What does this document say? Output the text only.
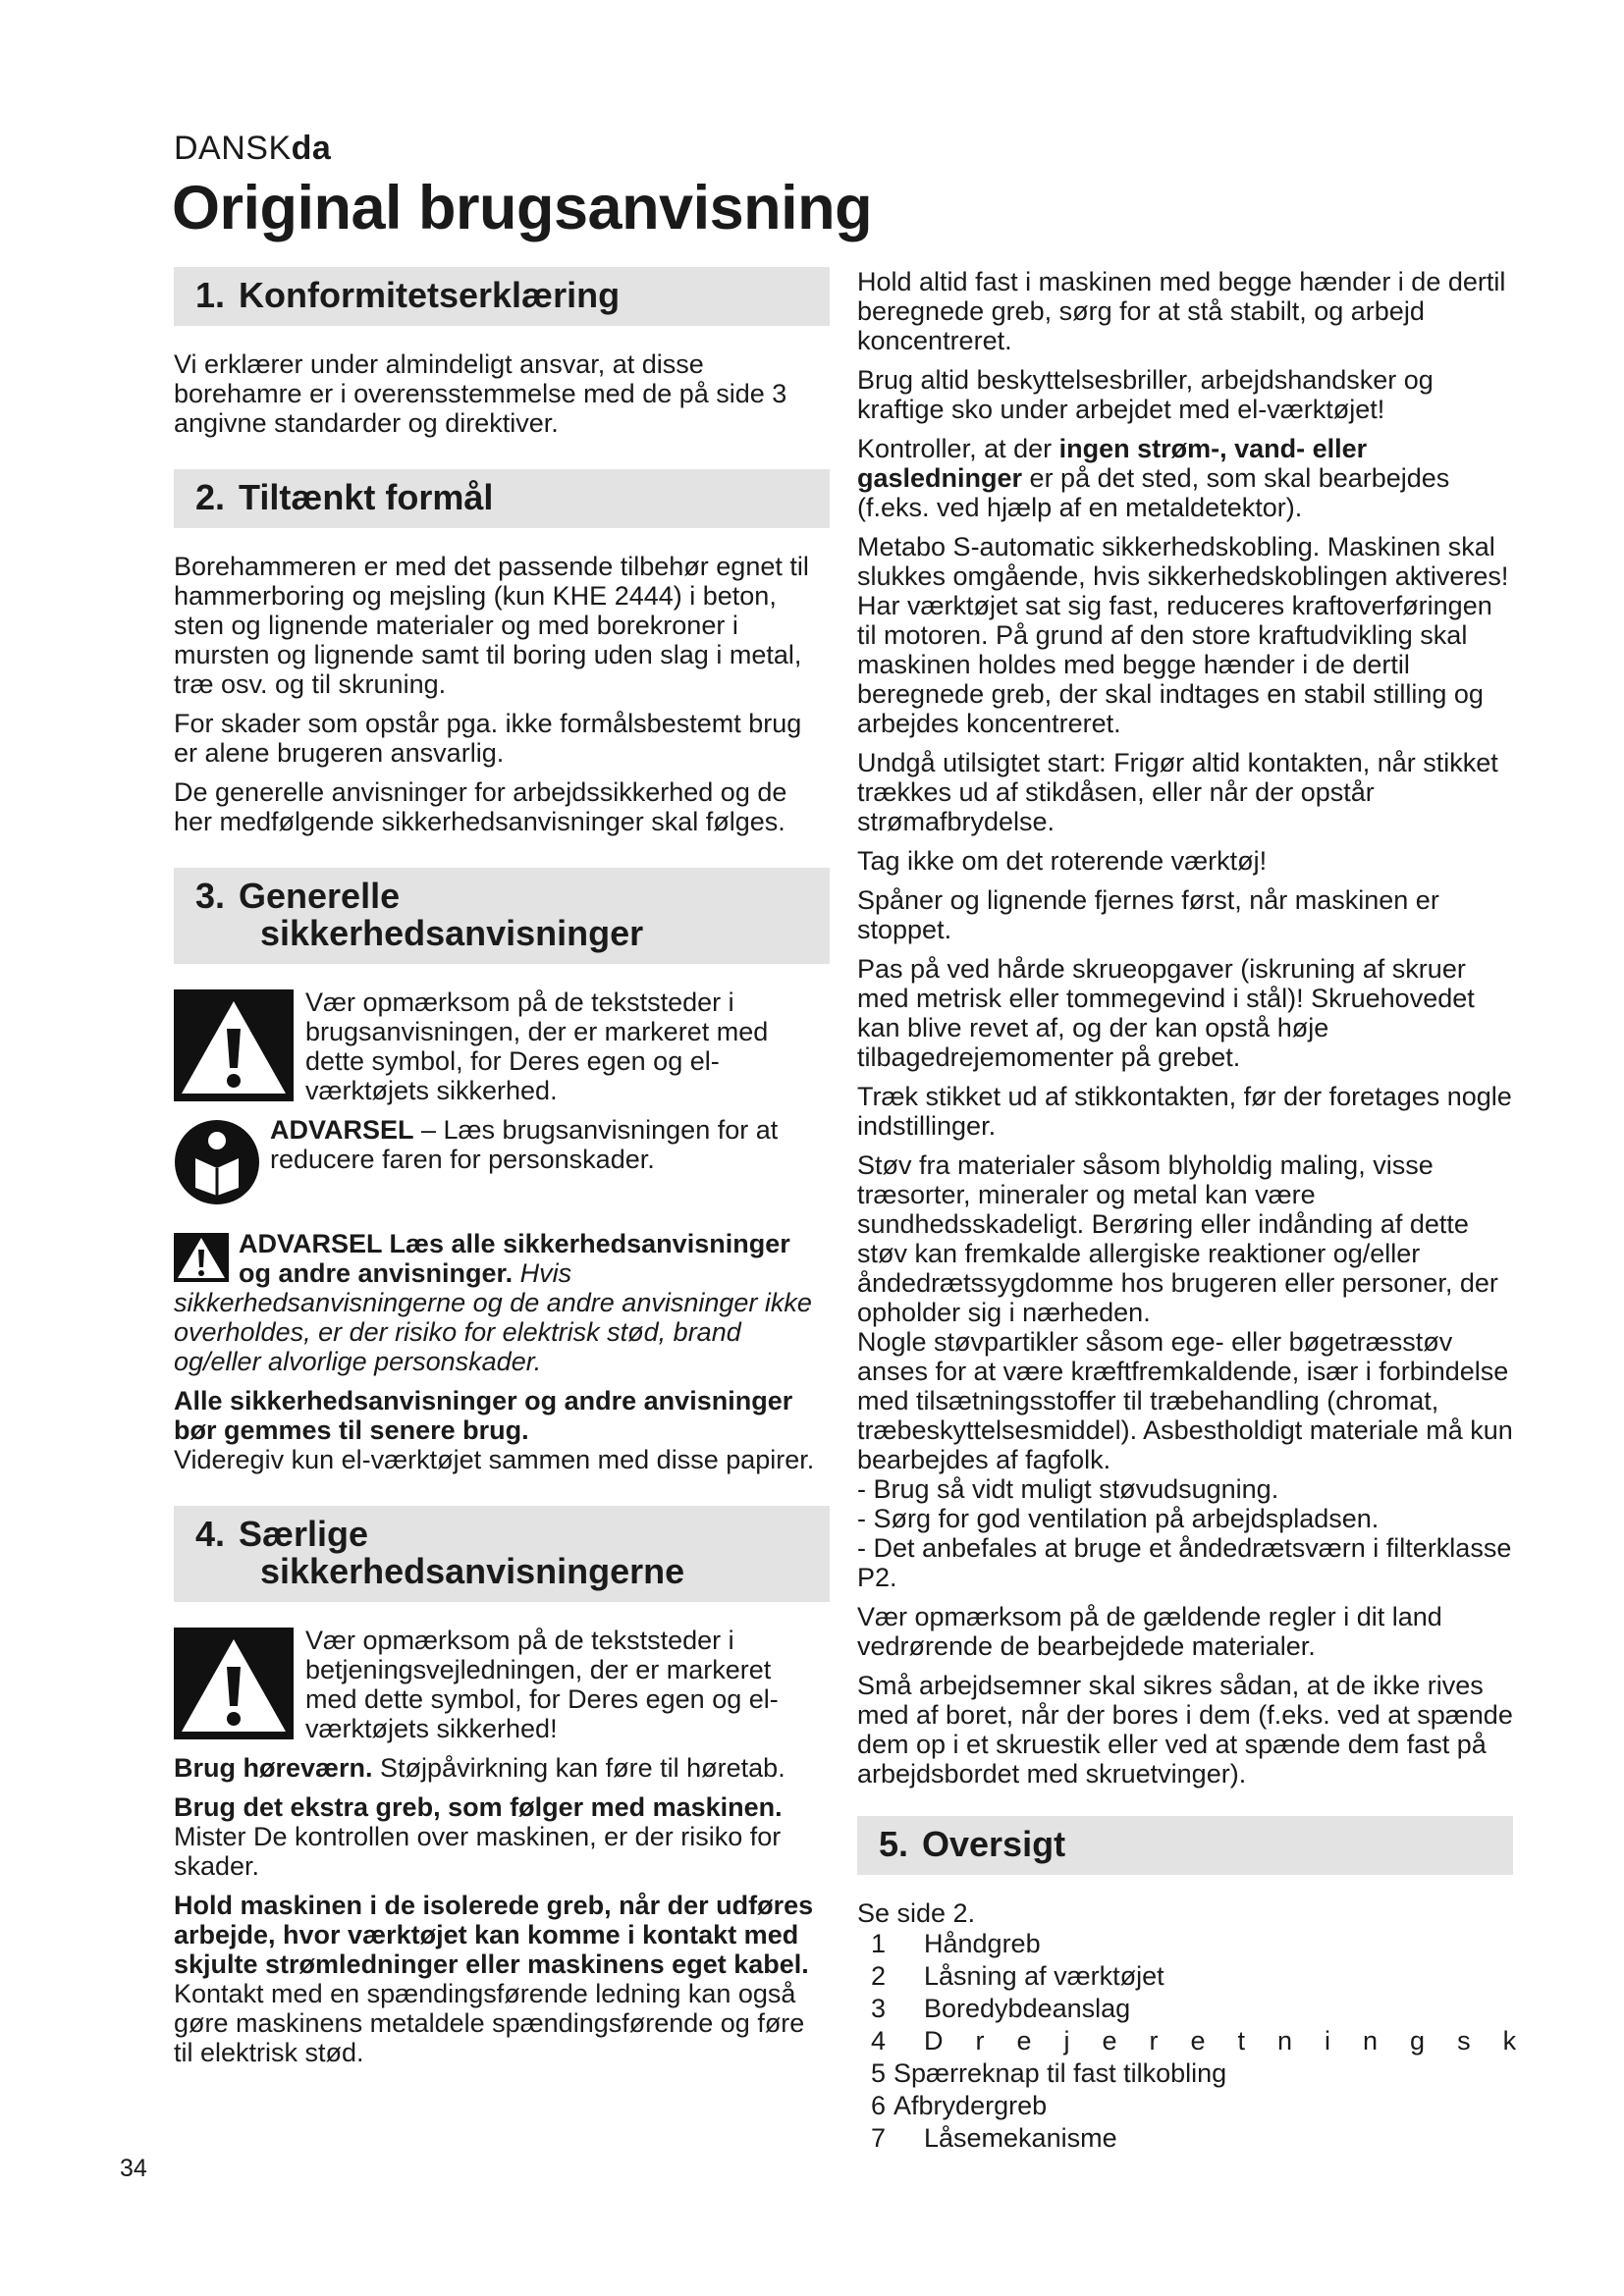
DANSKda
Original brugsanvisning
1. Konformitetserklæring

Vi erklærer under almindeligt ansvar, at disse borehamre er i overensstemmelse med de på side 3 angivne standarder og direktiver.

2. Tiltænkt formål

Borehammeren er med det passende tilbehør egnet til hammerboring og mejsling (kun KHE 2444) i beton, sten og lignende materialer og med borekroner i mursten og lignende samt til boring uden slag i metal, træ osv. og til skruning.

For skader som opstår pga. ikke formålsbestemt brug er alene brugeren ansvarlig.

De generelle anvisninger for arbejdssikkerhed og de her medfølgende sikkerhedsanvisninger skal følges.

3. Generelle
sikkerhedsanvisninger

Vær opmærksom på de tekststeder i brugsanvisningen, der er markeret med dette symbol, for Deres egen og el-værktøjets sikkerhed.

ADVARSEL – Læs brugsanvisningen for at reducere faren for personskader.

ADVARSEL Læs alle sikkerhedsanvisninger og andre anvisninger. Hvis sikkerhedsanvisningerne og de andre anvisninger ikke overholdes, er der risiko for elektrisk stød, brand og/eller alvorlige personskader.

Alle sikkerhedsanvisninger og andre anvisninger bør gemmes til senere brug.

Videregiv kun el-værktøjet sammen med disse papirer.

4. Særlige
sikkerhedsanvisningerne

Vær opmærksom på de tekststeder i betjeningsvejledningen, der er markeret med dette symbol, for Deres egen og el-værktøjets sikkerhed!

Brug høreværn. Støjpåvirkning kan føre til høretab.

Brug det ekstra greb, som følger med maskinen. Mister De kontrollen over maskinen, er der risiko for skader.

Hold maskinen i de isolerede greb, når der udføres arbejde, hvor værktøjet kan komme i kontakt med skjulte strømledninger eller maskinens eget kabel. Kontakt med en spændingsførende ledning kan også gøre maskinens metaldele spændingsførende og føre til elektrisk stød.

Hold altid fast i maskinen med begge hænder i de dertil beregnede greb, sørg for at stå stabilt, og arbejd koncentreret.

Brug altid beskyttelsesbriller, arbejdshandsker og kraftige sko under arbejdet med el-værktøjet!

Kontroller, at der ingen strøm-, vand- eller gasledninger er på det sted, som skal bearbejdes (f.eks. ved hjælp af en metaldetektor).

Metabo S-automatic sikkerhedskobling. Maskinen skal slukkes omgående, hvis sikkerhedskoblingen aktiveres! Har værktøjet sat sig fast, reduceres kraftoverføringen til motoren. På grund af den store kraftudvikling skal maskinen holdes med begge hænder i de dertil beregnede greb, der skal indtages en stabil stilling og arbejdes koncentreret.

Undgå utilsigtet start: Frigør altid kontakten, når stikket trækkes ud af stikdåsen, eller når der opstår strømafbrydelse.

Tag ikke om det roterende værktøj!

Spåner og lignende fjernes først, når maskinen er stoppet.

Pas på ved hårde skrueopgaver (iskruning af skruer med metrisk eller tommegevind i stål)! Skruehovedet kan blive revet af, og der kan opstå høje tilbagedrejemomenter på grebet.

Træk stikket ud af stikkontakten, før der foretages nogle indstillinger.

Støv fra materialer såsom blyholdig maling, visse træsorter, mineraler og metal kan være sundhedsskadeligt. Berøring eller indånding af dette støv kan fremkalde allergiske reaktioner og/eller åndedrætssygdomme hos brugeren eller personer, der opholder sig i nærheden.

Nogle støvpartikler såsom ege- eller bøgetræsstøv anses for at være kræftfremkaldende, især i forbindelse med tilsætningsstoffer til træbehandling (chromat, træbeskyttelsesmiddel). Asbestholdigt materiale må kun bearbejdes af fagfolk.

- Brug så vidt muligt støvudsugning.

- Sørg for god ventilation på arbejdspladsen.

- Det anbefales at bruge et åndedrætsværn i filterklasse P2.

Vær opmærksom på de gældende regler i dit land vedrørende de bearbejdede materialer.

Små arbejdsemner skal sikres sådan, at de ikke rives med af boret, når der bores i dem (f.eks. ved at spænde dem op i et skruestik eller ved at spænde dem fast på arbejdsbordet med skruetvinger).

5. Oversigt

Se side 2.

1 Håndgreb
2 Låsning af værktøjet
3 Boredybdeanslag
4 Drejeretningsk
5 Spærreknap til fast tilkobling
6 Afbrydergreb
7 Låsemekanisme
34
